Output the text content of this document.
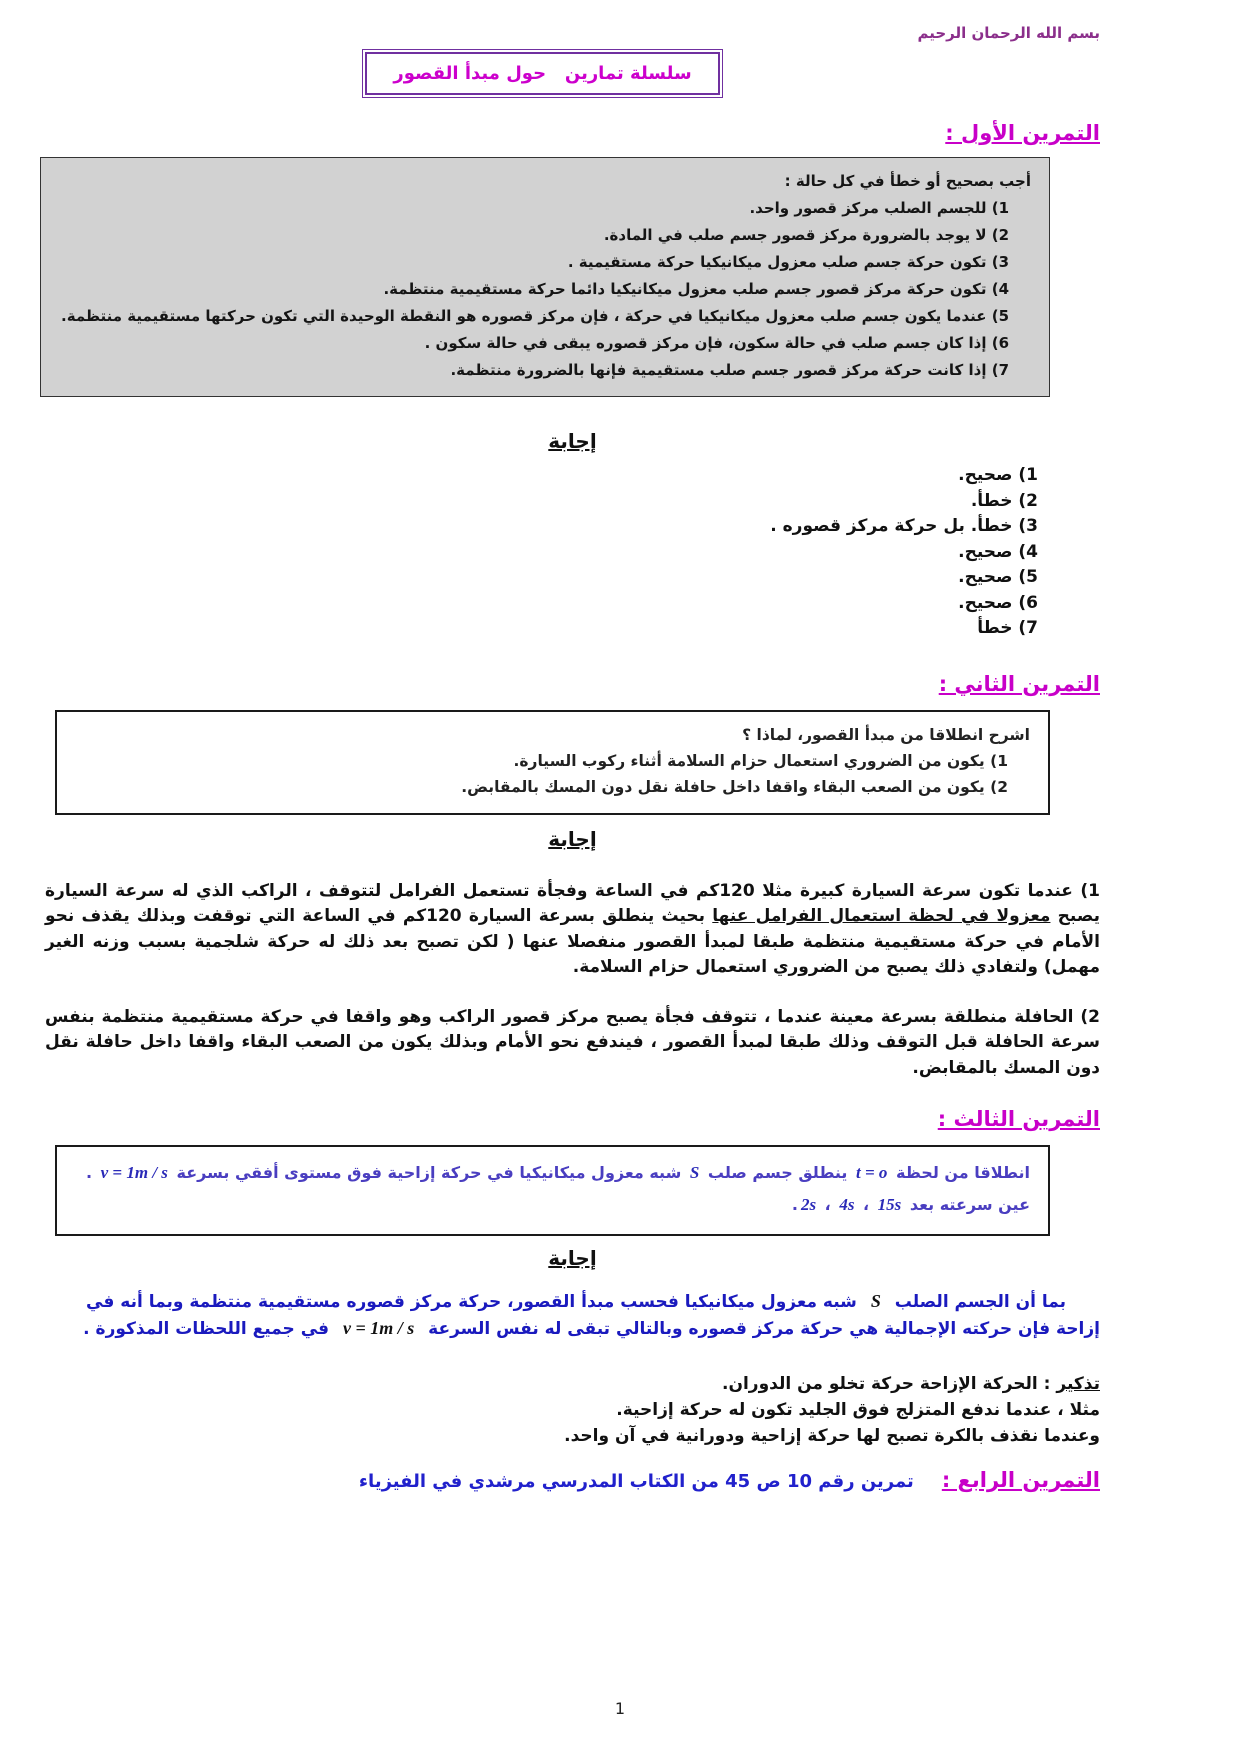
بسم الله الرحمان الرحيم
سلسلة تمارين   حول مبدأ القصور
التمرين الأول :
أجب بصحيح أو خطأ في كل حالة :
1) للجسم الصلب مركز قصور واحد.
2) لا يوجد بالضرورة مركز قصور جسم صلب في المادة.
3) تكون حركة جسم صلب معزول ميكانيكيا حركة مستقيمية .
4) تكون حركة مركز قصور جسم صلب معزول ميكانيكيا دائما حركة مستقيمية منتظمة.
5) عندما يكون جسم صلب معزول ميكانيكيا في حركة ، فإن مركز قصوره هو النقطة الوحيدة التي تكون حركتها مستقيمية منتظمة.
6) إذا كان جسم صلب في حالة سكون، فإن مركز قصوره يبقى في حالة سكون .
7) إذا كانت حركة مركز قصور جسم صلب مستقيمية فإنها بالضرورة منتظمة.
إجابة
1) صحيح.
2) خطأ.
3) خطأ. بل حركة مركز قصوره .
4) صحيح.
5) صحيح.
6) صحيح.
7) خطأ
التمرين الثاني :
اشرح انطلاقا من مبدأ القصور، لماذا ؟
1) يكون من الضروري استعمال حزام السلامة أثناء ركوب السيارة.
2) يكون من الصعب البقاء واقفا داخل حافلة نقل دون المسك بالمقابض.
إجابة

1) عندما تكون سرعة السيارة كبيرة مثلا 120كم في الساعة وفجأة تستعمل الفرامل لتتوقف ، الراكب الذي له سرعة السيارة يصبح معزولا في لحظة استعمال الفرامل عنها بحيث ينطلق بسرعة السيارة 120كم في الساعة التي توقفت وبذلك يقذف نحو الأمام في حركة مستقيمية منتظمة طبقا لمبدأ القصور منفصلا عنها ( لكن تصبح بعد ذلك له حركة شلجمية بسبب وزنه الغير مهمل) ولتفادي ذلك يصبح من الضروري استعمال حزام السلامة.

2) الحافلة منطلقة بسرعة معينة عندما ، تتوقف فجأة يصبح مركز قصور الراكب وهو واقفا في حركة مستقيمية منتظمة بنفس سرعة الحافلة قبل التوقف وذلك طبقا لمبدأ القصور ، فيندفع نحو الأمام وبذلك يكون من الصعب البقاء واقفا داخل حافلة نقل دون المسك بالمقابض.

التمرين الثالث :
انطلاقا من لحظة t = o ينطلق جسم صلب S شبه معزول ميكانيكيا في حركة إزاحية فوق مستوى أفقي بسرعة v = 1m / s .
عين سرعته بعد 2s ، 4s ، 15s.
إجابة

بما أن الجسم الصلب S شبه معزول ميكانيكيا فحسب مبدأ القصور، حركة مركز قصوره مستقيمية منتظمة وبما أنه في إزاحة فإن حركته الإجمالية هي حركة مركز قصوره وبالتالي تبقى له نفس السرعة v = 1m / s في جميع اللحظات المذكورة .

تذكير : الحركة الإزاحة حركة تخلو من الدوران.
مثلا ، عندما ندفع المتزلج فوق الجليد تكون له حركة إزاحية.
وعندما نقذف بالكرة تصبح لها حركة إزاحية ودورانية في آن واحد.
التمرين الرابع :تمرين رقم 10 ص 45 من الكتاب المدرسي مرشدي في الفيزياء
1
